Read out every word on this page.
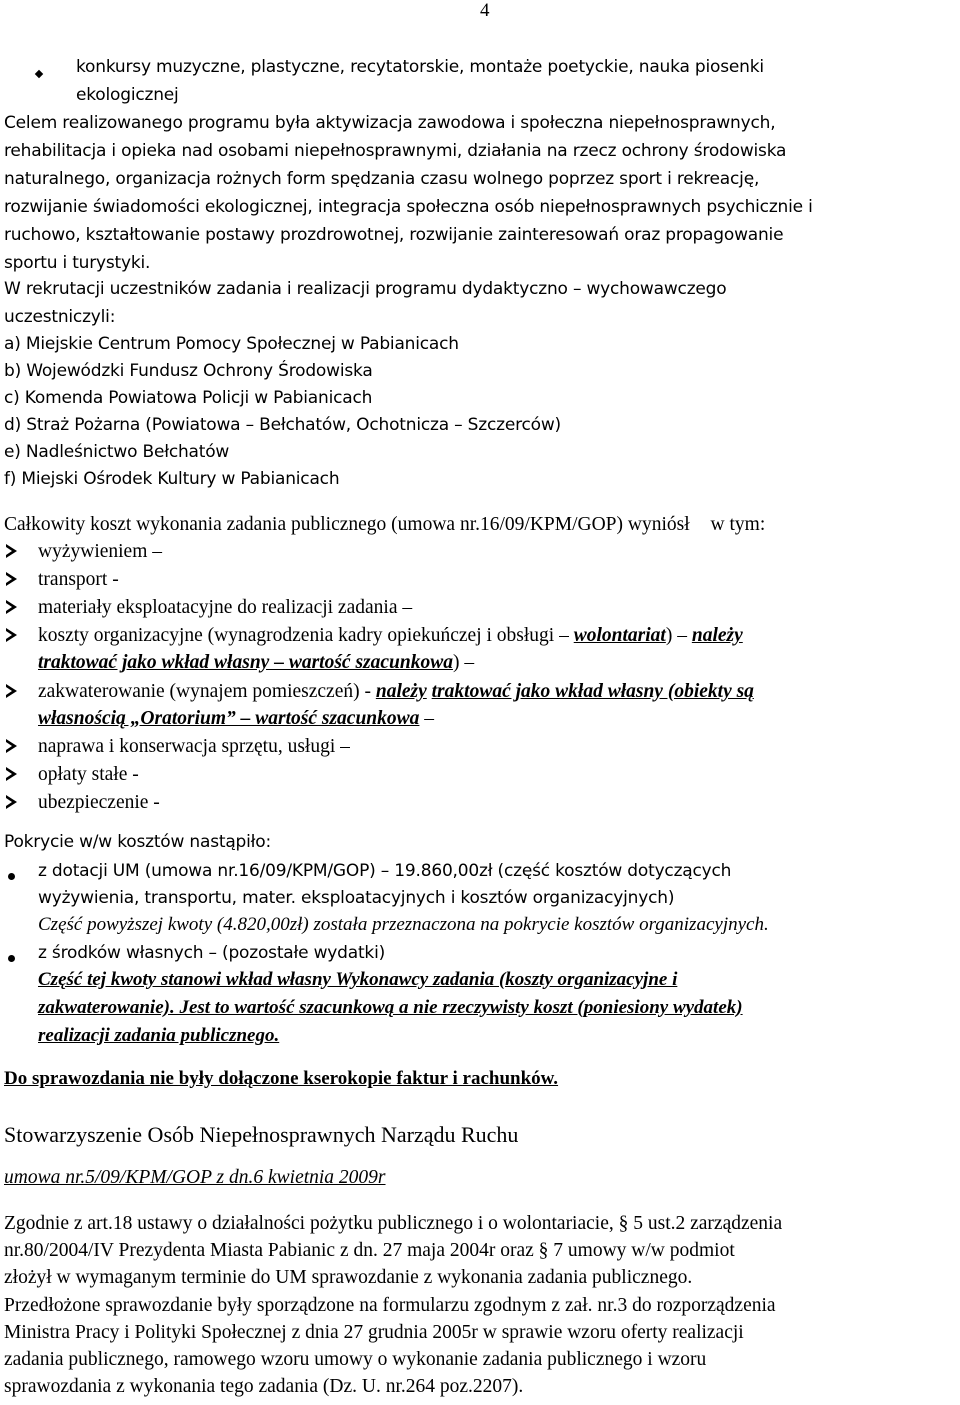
4
konkursy muzyczne, plastyczne, recytatorskie, montaże poetyckie, nauka piosenki
ekologicznej
Celem realizowanego programu była aktywizacja zawodowa i społeczna niepełnosprawnych,
rehabilitacja i opieka nad osobami niepełnosprawnymi, działania na rzecz ochrony środowiska
naturalnego, organizacja rożnych form spędzania czasu wolnego poprzez sport i rekreację,
rozwijanie świadomości ekologicznej, integracja społeczna osób niepełnosprawnych psychicznie i
ruchowo, kształtowanie postawy prozdrowotnej, rozwijanie zainteresowań oraz propagowanie
sportu i turystyki.
W rekrutacji uczestników zadania i realizacji programu dydaktyczno – wychowawczego
uczestniczyli:
a) Miejskie Centrum Pomocy Społecznej w Pabianicach
b) Wojewódzki Fundusz Ochrony Środowiska
c) Komenda Powiatowa Policji w Pabianicach
d) Straż Pożarna (Powiatowa – Bełchatów, Ochotnicza – Szczerców)
e) Nadleśnictwo Bełchatów
f) Miejski Ośrodek Kultury w Pabianicach
Całkowity koszt wykonania zadania publicznego (umowa nr.16/09/KPM/GOP) wyniósł w tym:
wyżywieniem –
transport -
materiały eksploatacyjne do realizacji zadania –
koszty organizacyjne (wynagrodzenia kadry opiekuńczej i obsługi – wolontariat) – należy
traktować jako wkład własny – wartość szacunkowa) –
zakwaterowanie (wynajem pomieszczeń) - należy traktować jako wkład własny (obiekty są
własnością „Oratorium” – wartość szacunkowa –
naprawa i konserwacja sprzętu, usługi –
opłaty stałe -
ubezpieczenie -
Pokrycie w/w kosztów nastąpiło:
z dotacji UM (umowa nr.16/09/KPM/GOP) – 19.860,00zł (część kosztów dotyczących
wyżywienia, transportu, mater. eksploatacyjnych i kosztów organizacyjnych)
Część powyższej kwoty (4.820,00zł) została przeznaczona na pokrycie kosztów organizacyjnych.
z środków własnych – (pozostałe wydatki)
Część tej kwoty stanowi wkład własny Wykonawcy zadania (koszty organizacyjne i
zakwaterowanie). Jest to wartość szacunkową a nie rzeczywisty koszt (poniesiony wydatek)
realizacji zadania publicznego.
Do sprawozdania nie były dołączone kserokopie faktur i rachunków.
Stowarzyszenie Osób Niepełnosprawnych Narządu Ruchu
umowa nr.5/09/KPM/GOP z dn.6 kwietnia 2009r
Zgodnie z art.18 ustawy o działalności pożytku publicznego i o wolontariacie, § 5 ust.2 zarządzenia
nr.80/2004/IV Prezydenta Miasta Pabianic z dn. 27 maja 2004r oraz § 7 umowy w/w podmiot
złożył w wymaganym terminie do UM sprawozdanie z wykonania zadania publicznego.
Przedłożone sprawozdanie były sporządzone na formularzu zgodnym z zał. nr.3 do rozporządzenia
Ministra Pracy i Polityki Społecznej z dnia 27 grudnia 2005r w sprawie wzoru oferty realizacji
zadania publicznego, ramowego wzoru umowy o wykonanie zadania publicznego i wzoru
sprawozdania z wykonania tego zadania (Dz. U. nr.264 poz.2207).
